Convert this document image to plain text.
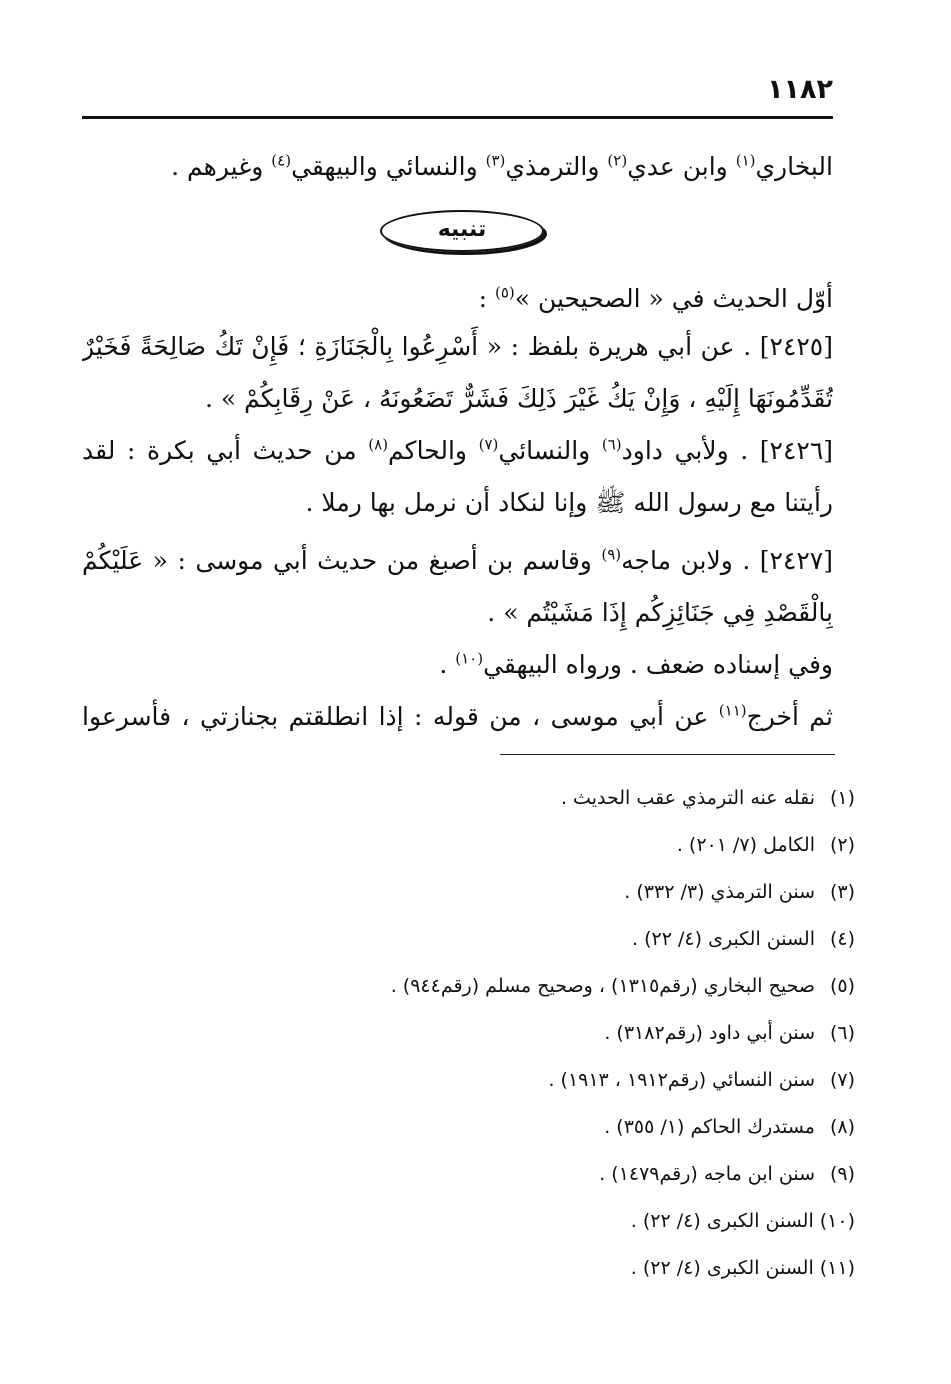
١١٨٢
البخاري$^{(١)}$ وابن عدي$^{(٢)}$ والترمذي$^{(٣)}$ والنسائي والبيهقي$^{(٤)}$ وغيرهم .
أوّل الحديث في « الصحيحين »$^{(٥)}$ :
[٢٤٢٥] . عن أبي هريرة بلفظ : « أَسْرِعُوا بِالْجَنَازَةِ ؛ فَإِنْ تَكُ صَالِحَةً فَخَيْرٌ
تُقَدِّمُونَهَا إِلَيْهِ ، وَإِنْ يَكُ غَيْرَ ذَلِكَ فَشَرٌّ تَضَعُونَهُ ، عَنْ رِقَابِكُمْ » .
[٢٤٢٦] . ولأبي داود$^{(٦)}$ والنسائي$^{(٧)}$ والحاكم$^{(٨)}$ من حديث أبي بكرة : لقد
رأيتنا مع رسول الله ﷺ وإنا لنكاد أن نرمل بها رملا .
[٢٤٢٧] . ولابن ماجه$^{(٩)}$ وقاسم بن أصبغ من حديث أبي موسى : « عَلَيْكُمْ
بِالْقَصْدِ فِي جَنَائِزِكُم إِذَا مَشَيْتُم » .
وفي إسناده ضعف . ورواه البيهقي$^{(١٠)}$ .
ثم أخرج$^{(١١)}$ عن أبي موسى ، من قوله : إذا انطلقتم بجنازتي ، فأسرعوا
تنبيه
(١)نقله عنه الترمذي عقب الحديث .
(٢)الكامل (٧/ ٢٠١) .
(٣)سنن الترمذي (٣/ ٣٣٢) .
(٤)السنن الكبرى (٤/ ٢٢) .
(٥)صحيح البخاري (رقم١٣١٥) ، وصحيح مسلم (رقم٩٤٤) .
(٦)سنن أبي داود (رقم٣١٨٢) .
(٧)سنن النسائي (رقم١٩١٢ ، ١٩١٣) .
(٨)مستدرك الحاكم (١/ ٣٥٥) .
(٩)سنن ابن ماجه (رقم١٤٧٩) .
(١٠)السنن الكبرى (٤/ ٢٢) .
(١١)السنن الكبرى (٤/ ٢٢) .
